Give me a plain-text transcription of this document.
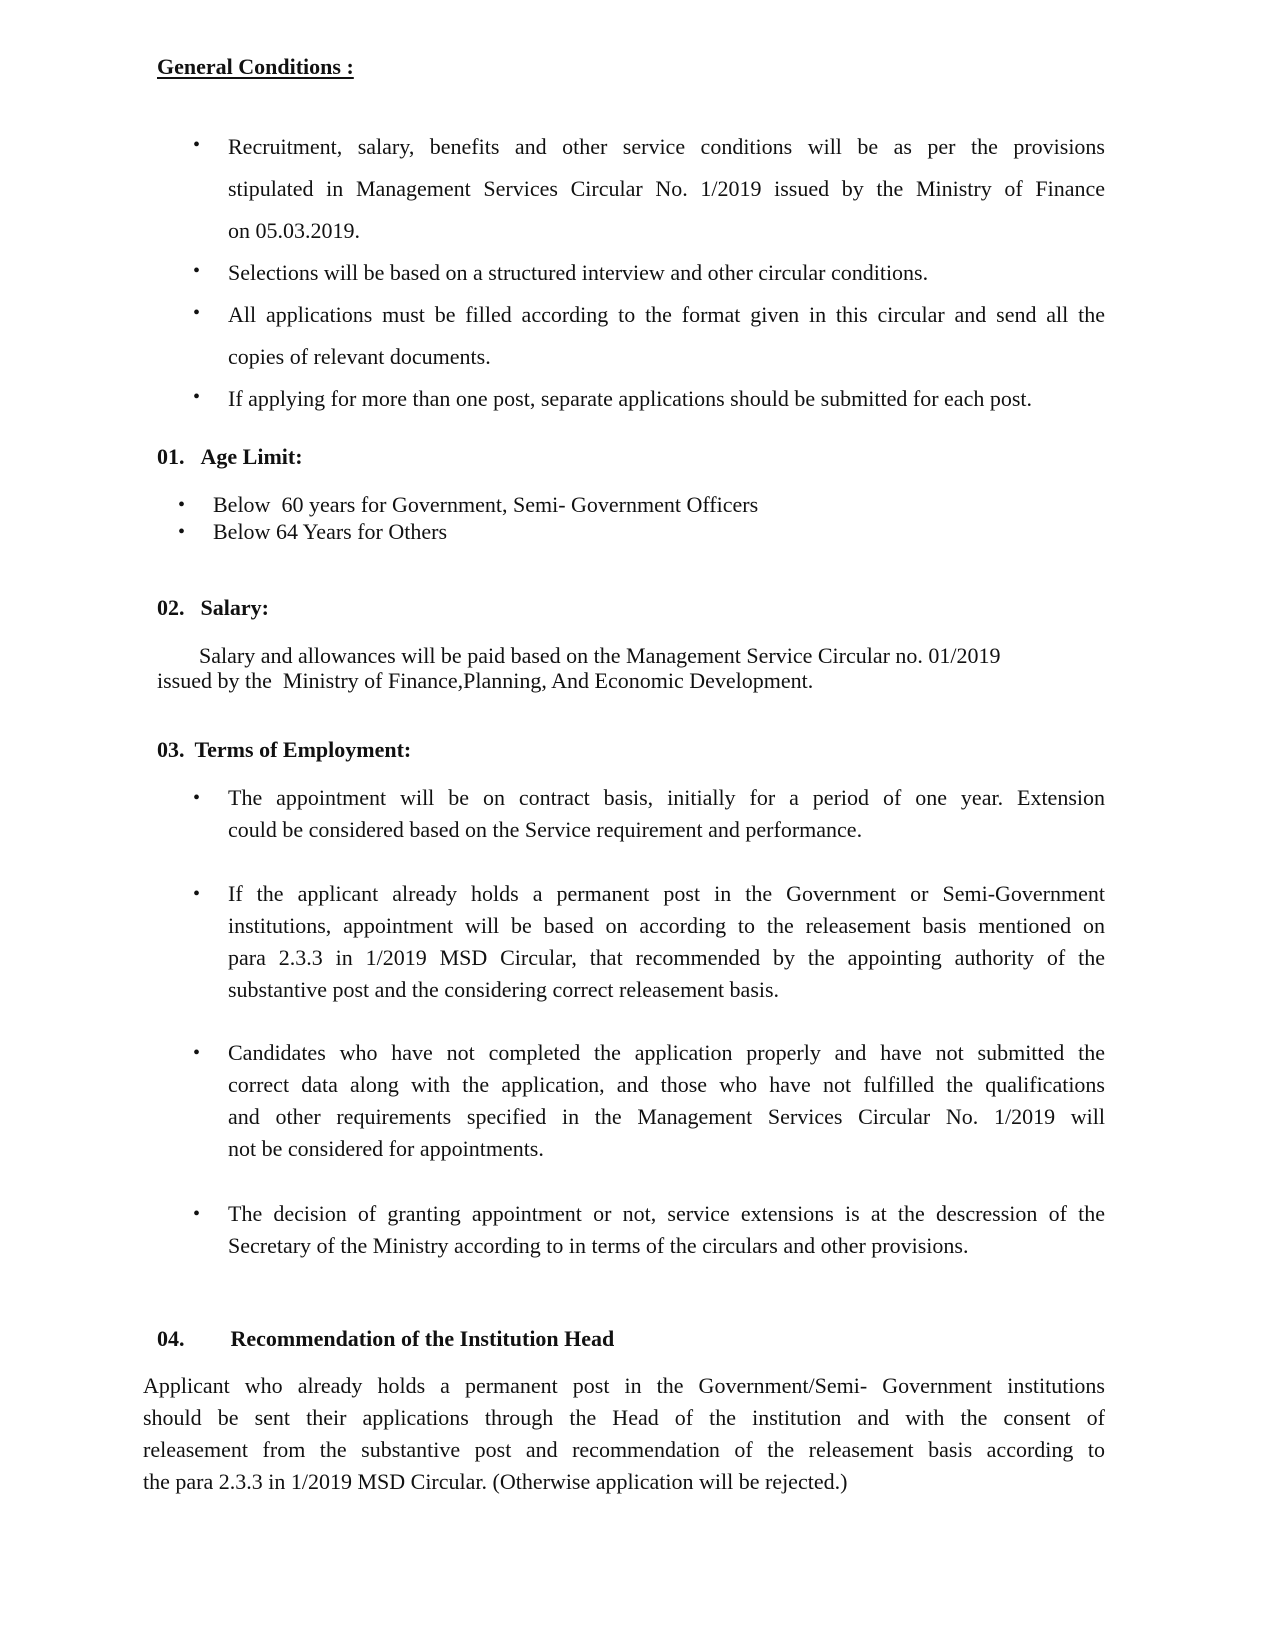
General Conditions :
• Recruitment, salary, benefits and other service conditions will be as per the provisions
stipulated in Management Services Circular No. 1/2019 issued by the Ministry of Finance
on 05.03.2019.
• Selections will be based on a structured interview and other circular conditions.
• All applications must be filled according to the format given in this circular and send all the
copies of relevant documents.
• If applying for more than one post, separate applications should be submitted for each post.
01. Age Limit:
• Below  60 years for Government, Semi- Government Officers
• Below 64 Years for Others
02. Salary:
Salary and allowances will be paid based on the Management Service Circular no. 01/2019
issued by the  Ministry of Finance,Planning, And Economic Development.
03. Terms of Employment:
• The appointment will be on contract basis, initially for a period of one year. Extension
could be considered based on the Service requirement and performance.
• If the applicant already holds a permanent post in the Government or Semi-Government
institutions, appointment will be based on according to the releasement basis mentioned on
para 2.3.3 in 1/2019 MSD Circular, that recommended by the appointing authority of the
substantive post and the considering correct releasement basis.
• Candidates who have not completed the application properly and have not submitted the
correct data along with the application, and those who have not fulfilled the qualifications
and other requirements specified in the Management Services Circular No. 1/2019 will
not be considered for appointments.
• The decision of granting appointment or not, service extensions is at the descression of the
Secretary of the Ministry according to in terms of the circulars and other provisions.
04. Recommendation of the Institution Head
Applicant who already holds a permanent post in the Government/Semi- Government institutions
should be sent their applications through the Head of the institution and with the consent of
releasement from the substantive post and recommendation of the releasement basis according to
the para 2.3.3 in 1/2019 MSD Circular. (Otherwise application will be rejected.)
